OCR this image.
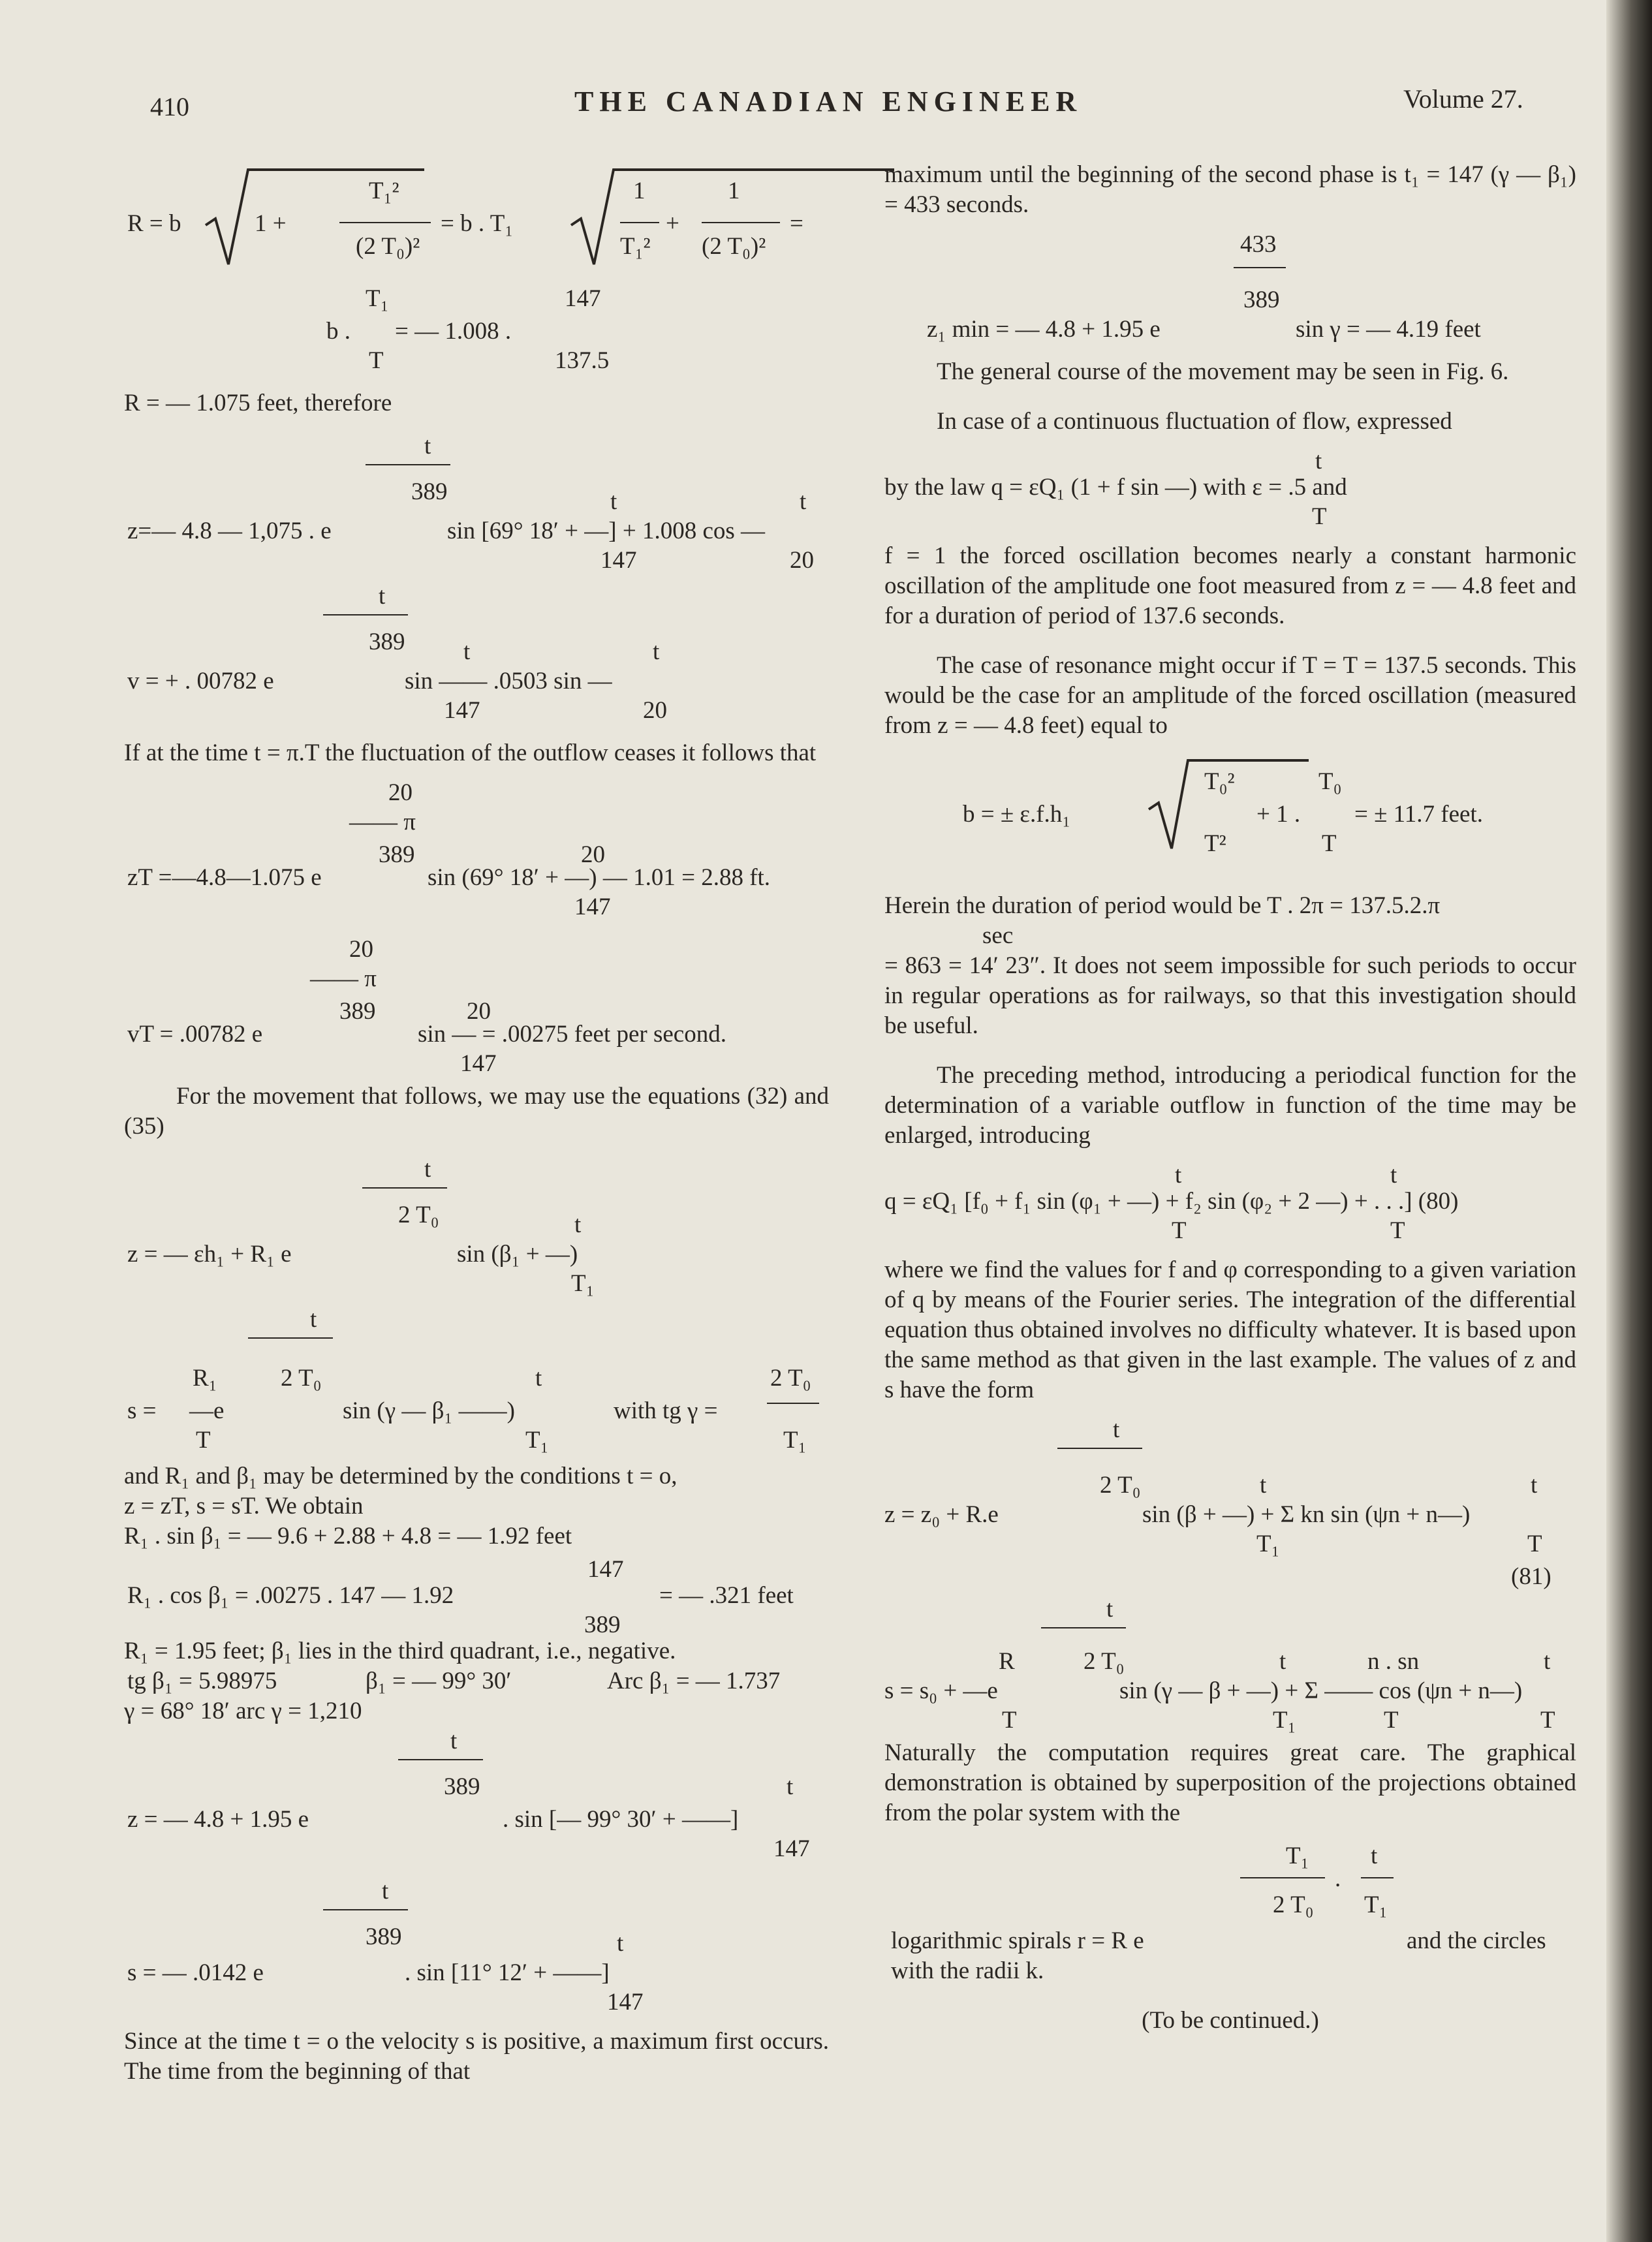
410	THE CANADIAN ENGINEER	Volume 27.
R = b	1 +
T₁²
(2 T₀)²
= b . T₁
1
T₁²
+
1
(2 T₀)²
=
b .
T₁
T
= — 1.008 .
147
137.5

R = — 1.075 feet, therefore

t
389
z=— 4.8 — 1,075 . e	sin [69° 18′ + —] + 1.008 cos —
t
147
t
20
t
389
v = + . 00782 e	sin —— .0503 sin —
t
147
t
20

If at the time t = π.T the fluctuation of the outflow ceases it follows that

20
—— π
389
zT =—4.8—1.075 e	sin (69° 18′ + —) — 1.01 = 2.88 ft.
20
147
20
—— π
389
vT = .00782 e	sin — = .00275 feet per second.
20
147

For the movement that follows, we may use the equations (32) and (35)

t
2 T₀
z = — εh₁ + R₁ e	sin (β₁ + —)
t
T₁
t
2 T₀
s =
R₁
T
—e	sin (γ — β₁ ——)
t
T₁
with tg γ =
2 T₀
T₁

and R₁ and β₁ may be determined by the conditions t = o,

z = zT, s = sT. We obtain

R₁ . sin β₁ = — 9.6 + 2.88 + 4.8 = — 1.92 feet

147
R₁ . cos β₁ = .00275 . 147 — 1.92
389
= — .321 feet

R₁ = 1.95 feet; β₁ lies in the third quadrant, i.e., negative.

tg β₁ = 5.98975	β₁ = — 99° 30′	Arc β₁ = — 1.737

γ = 68° 18′ arc γ = 1,210

t
389
z = — 4.8 + 1.95 e	. sin [— 99° 30′ + ——]
t
147
t
389
s = — .0142 e	. sin [11° 12′ + ——]
t
147

Since at the time t = o the velocity s is positive, a maximum first occurs. The time from the beginning of that

maximum until the beginning of the second phase is t₁ = 147 (γ — β₁) = 433 seconds.

433
389
z₁ min = — 4.8 + 1.95 e	sin γ = — 4.19 feet

The general course of the movement may be seen in Fig. 6.

In case of a continuous fluctuation of flow, expressed

t
by the law q = εQ₁ (1 + f sin —) with ε = .5 and
T

f = 1 the forced oscillation becomes nearly a constant harmonic oscillation of the amplitude one foot measured from z = — 4.8 feet and for a duration of period of 137.6 seconds.

The case of resonance might occur if T = T = 137.5 seconds. This would be the case for an amplitude of the forced oscillation (measured from z = — 4.8 feet) equal to

b = ± ε.f.h₁
T₀²
T²
+ 1 .
T₀
T
= ± 11.7 feet.

Herein the duration of period would be T . 2π = 137.5.2.π

sec

= 863 = 14′ 23″. It does not seem impossible for such periods to occur in regular operations as for railways, so that this investigation should be useful.

The preceding method, introducing a periodical function for the determination of a variable outflow in function of the time may be enlarged, introducing

t	t
q = εQ₁ [f₀ + f₁ sin (φ₁ + —) + f₂ sin (φ₂ + 2 —) + . . .] (80)
T	T

where we find the values for f and φ corresponding to a given variation of q by means of the Fourier series. The integration of the differential equation thus obtained involves no difficulty whatever. It is based upon the same method as that given in the last example. The values of z and s have the form

t
2 T₀
z = z₀ + R.e	sin (β + —) + Σ kn sin (ψn + n—)
t
T₁
t
T
(81)
t
2 T₀
R
s = s₀ + —e
T
sin (γ — β + —) + Σ —— cos (ψn + n—)
t
T₁
n . sn
T
t
T

Naturally the computation requires great care. The graphical demonstration is obtained by superposition of the projections obtained from the polar system with the

T₁
2 T₀
.
t
T₁
logarithmic spirals r = R e	and the circles
with the radii k.

(To be continued.)
